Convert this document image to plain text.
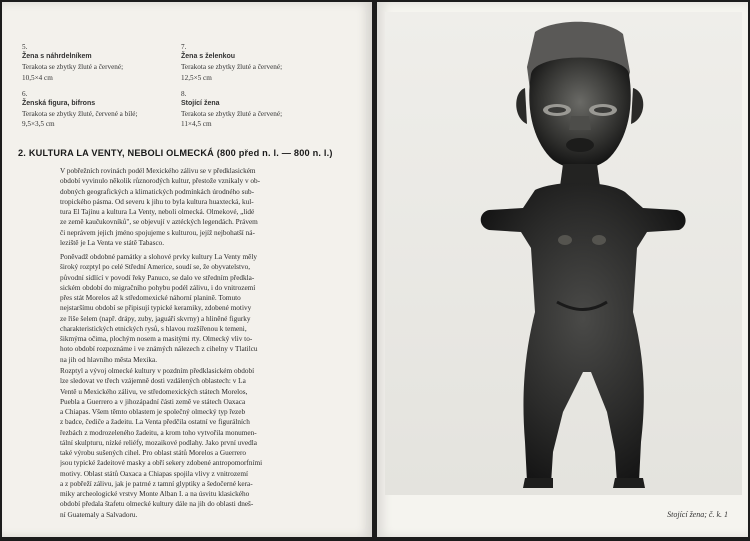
5.
Žena s náhrdelníkem
Terakota se zbytky žluté a červené;
10,5×4 cm
6.
Ženská figura, bifrons
Terakota se zbytky žluté, červené a bílé;
9,5×3,5 cm
7.
Žena s želenkou
Terakota se zbytky žluté a červené;
12,5×5 cm
8.
Stojící žena
Terakota se zbytky žluté a červené;
11×4,5 cm
2. KULTURA LA VENTY, NEBOLI OLMECKÁ (800 před n. l. — 800 n. l.)
V pobřežních rovinách podél Mexického zálivu se v předklasickém
období vyvinulo několik různorodých kultur, přestože vznikaly v ob-
dobných geografických a klimatických podmínkách úrodného sub-
tropického pásma. Od severu k jihu to byla kultura huaxtecká, kul-
tura El Tajínu a kultura La Venty, neboli olmecká. Olmekové, „lidé
ze země kaučukovníků", se objevují v aztéckých legendách. Právem
či neprávem jejich jméno spojujeme s kulturou, jejíž nejbohatší ná-
leziště je La Venta ve státě Tabasco.
Poněvadž obdobné památky a slohové prvky kultury La Venty měly
široký rozptyl po celé Střední Americe, soudí se, že obyvatelstvo,
původní sídlící v povodí řeky Panuco, se dalo ve středním předkla-
sickém období do migračního pohybu podél zálivu, i do vnitrozemí
přes stát Morelos až k středomexické náhorní planině. Tomuto
nejstaršímu období se připisují typické keramiky, zdobené motivy
ze řiše šelem (např. drápy, zuby, jaguáří skvrny) a hliněné figurky
charakteristických etnických rysů, s hlavou rozšířenou k temeni,
šikmýma očima, plochým nosem a masitými rty. Olmecký vliv to-
hoto období rozpoznáme i ve známých nálezech z cihelny v Tlatilcu
na jih od hlavního města Mexika.
Rozptyl a vývoj olmecké kultury v pozdním předklasickém období
lze sledovat ve třech vzájemně dosti vzdálených oblastech: v La
Ventě u Mexického zálivu, ve středomexických státech Morelos,
Puebla a Guerrero a v jihozápadní části země ve státech Oaxaca
a Chiapas. Všem těmto oblastem je společný olmecký typ řezeb
z badce, čediče a žadeitu. La Venta předčila ostatní ve figurálních
řezbách z modrozeleného žadeitu, a krom toho vytvořila monumen-
tální skulpturu, nízké reliéfy, mozaikové podlahy. Jako první uvedla
také výrobu sušených cihel. Pro oblast států Morelos a Guerrero
jsou typické žadeitové masky a obří sekery zdobené antropomorfními
motivy. Oblast států Oaxaca a Chiapas spojila vlivy z vnitrozemí
a z pobřeží zálivu, jak je patrné z tamní glyptiky a šedočerné kera-
miky archeologické vrstvy Monte Alban I. a na úsvitu klasického
období předala štafetu olmecké kultury dále na jih do oblasti dneš-
ní Guatemaly a Salvadoru.	Stojící žena; č. k. 1
